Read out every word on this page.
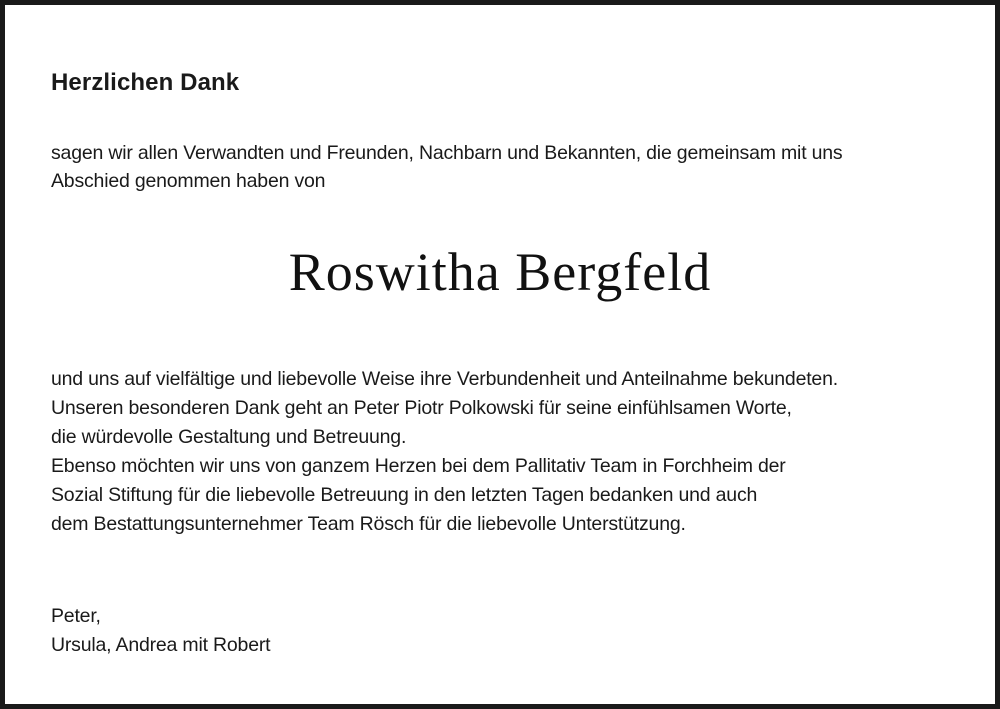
Herzlichen Dank
sagen wir allen Verwandten und Freunden, Nachbarn und Bekannten, die gemeinsam mit uns
Abschied genommen haben von
Roswitha Bergfeld
und uns auf vielfältige und liebevolle Weise ihre Verbundenheit und Anteilnahme bekundeten.
Unseren besonderen Dank geht an Peter Piotr Polkowski für seine einfühlsamen Worte,
die würdevolle Gestaltung und Betreuung.
Ebenso möchten wir uns von ganzem Herzen bei dem Pallitativ Team in Forchheim der
Sozial Stiftung für die liebevolle Betreuung in den letzten Tagen bedanken und auch
dem Bestattungsunternehmer Team Rösch für die liebevolle Unterstützung.
Peter,
Ursula, Andrea mit Robert
